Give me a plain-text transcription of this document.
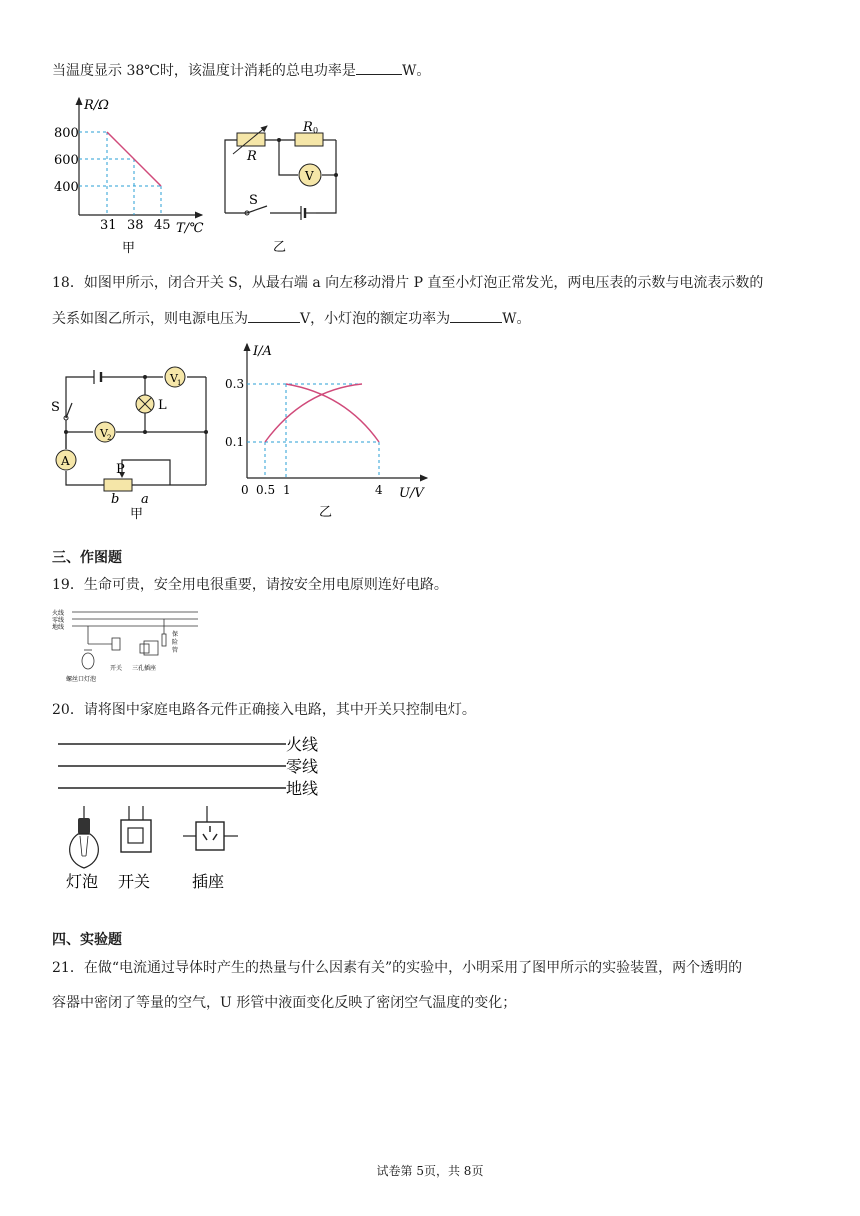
当温度显示 38℃时，该温度计消耗的总电功率是	W。
R/Ω
800
600
400
31 38 45 T/℃
甲
R
R 0
V
S
乙
18．如图甲所示，闭合开关 S，从最右端 a 向左移动滑片 P 直至小灯泡正常发光，两电压表的示数与电流表示数的
关系如图乙所示，则电源电压为	V，小灯泡的额定功率为	W。
V 1
V 2
L
A
S
P
b a
甲
I/A
0.3
0.1
0 0.5 1	4 U/V
乙
三、作图题
19．生命可贵，安全用电很重要，请按安全用电原则连好电路。
火线
零线
地线
螺丝口灯泡
开关 三孔插座
保
险
管
20．请将图中家庭电路各元件正确接入电路，其中开关只控制电灯。
火线
零线
地线
灯泡 开关	插座
四、实验题
21．在做“电流通过导体时产生的热量与什么因素有关”的实验中，小明采用了图甲所示的实验装置，两个透明的
容器中密闭了等量的空气，U 形管中液面变化反映了密闭空气温度的变化；
试卷第 5页，共 8页
